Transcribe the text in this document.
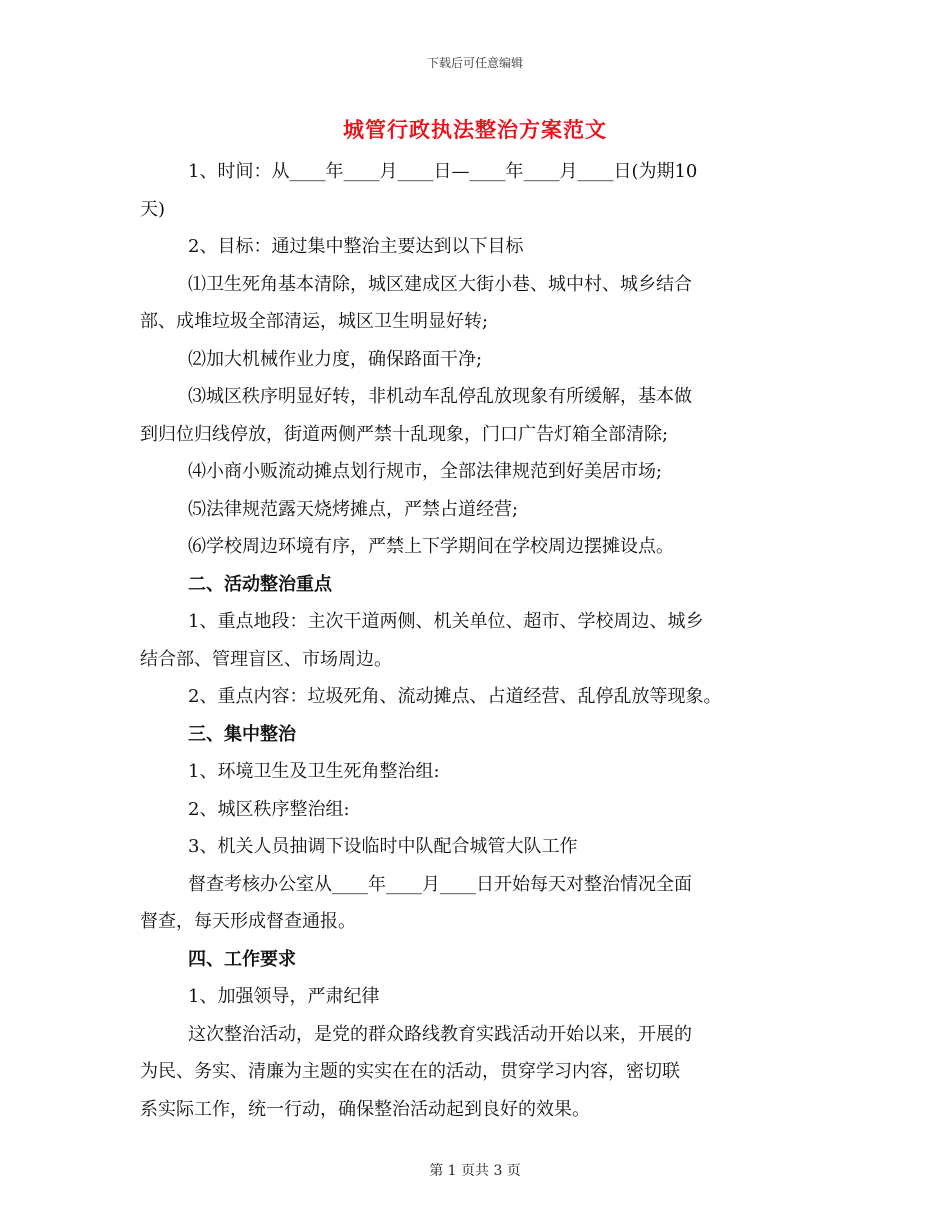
下载后可任意编辑
城管行政执法整治方案范文
1、时间：从____年____月____日—____年____月____日(为期10
天)
2、目标：通过集中整治主要达到以下目标
⑴卫生死角基本清除，城区建成区大街小巷、城中村、城乡结合
部、成堆垃圾全部清运，城区卫生明显好转;
⑵加大机械作业力度，确保路面干净;
⑶城区秩序明显好转，非机动车乱停乱放现象有所缓解，基本做
到归位归线停放，街道两侧严禁十乱现象，门口广告灯箱全部清除;
⑷小商小贩流动摊点划行规市，全部法律规范到好美居市场;
⑸法律规范露天烧烤摊点，严禁占道经营;
⑹学校周边环境有序，严禁上下学期间在学校周边摆摊设点。
二、活动整治重点
1、重点地段：主次干道两侧、机关单位、超市、学校周边、城乡
结合部、管理盲区、市场周边。
2、重点内容：垃圾死角、流动摊点、占道经营、乱停乱放等现象。
三、集中整治
1、环境卫生及卫生死角整治组:
2、城区秩序整治组:
3、机关人员抽调下设临时中队配合城管大队工作
督查考核办公室从____年____月____日开始每天对整治情况全面
督查，每天形成督查通报。
四、工作要求
1、加强领导，严肃纪律
这次整治活动，是党的群众路线教育实践活动开始以来，开展的
为民、务实、清廉为主题的实实在在的活动，贯穿学习内容，密切联
系实际工作，统一行动，确保整治活动起到良好的效果。
第 1 页共 3 页
